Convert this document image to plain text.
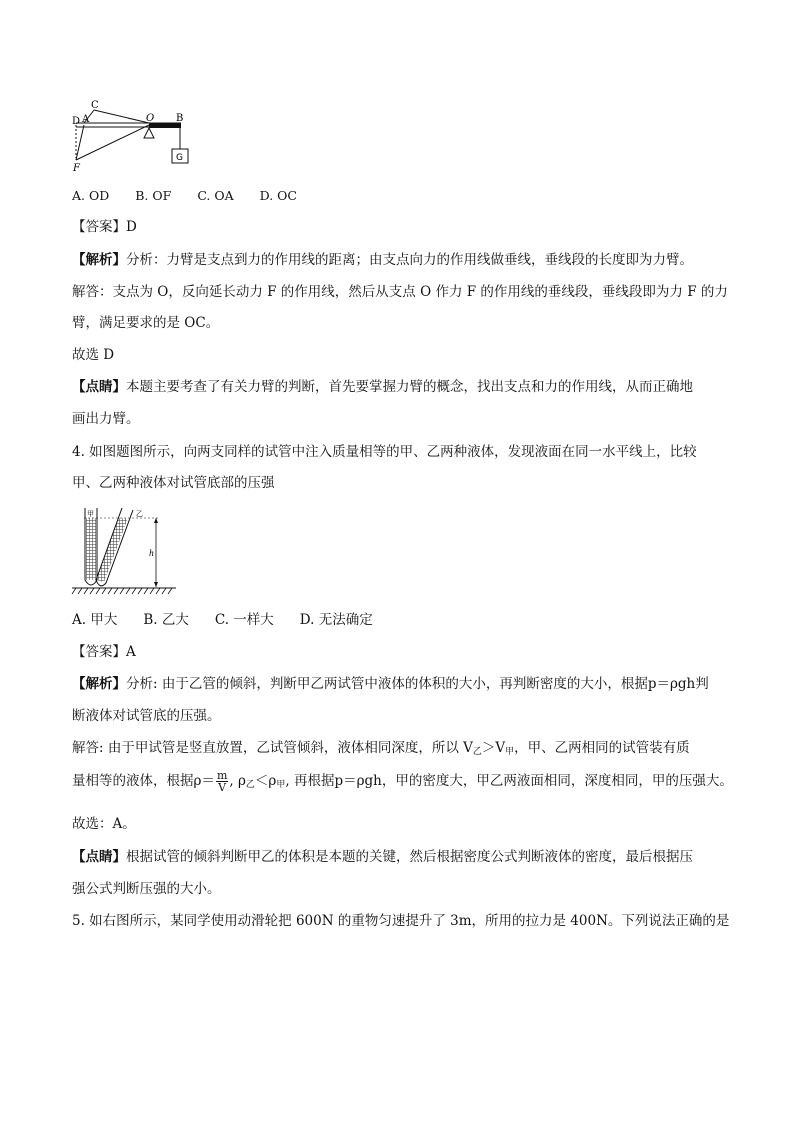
C
D A	O B
G
F
A. OD B. OF C. OA D. OC
【答案】D
【解析】分析：力臂是支点到力的作用线的距离；由支点向力的作用线做垂线，垂线段的长度即为力臂。
解答：支点为 O，反向延长动力 F 的作用线，然后从支点 O 作力 F 的作用线的垂线段，垂线段即为力 F 的力
臂，满足要求的是 OC。
故选 D
【点睛】本题主要考查了有关力臂的判断，首先要掌握力臂的概念，找出支点和力的作用线，从而正确地
画出力臂。
4. 如图题图所示，向两支同样的试管中注入质量相等的甲、乙两种液体，发现液面在同一水平线上，比较
甲、乙两种液体对试管底部的压强
甲	乙
h
A. 甲大 B. 乙大 C. 一样大 D. 无法确定
【答案】A
【解析】分析: 由于乙管的倾斜，判断甲乙两试管中液体的体积的大小，再判断密度的大小，根据p＝ρgh判
断液体对试管底的压强。
解答: 由于甲试管是竖直放置，乙试管倾斜，液体相同深度，所以 $V_乙>V_甲$，甲、乙两相同的试管装有质
量相等的液体，根据$\rho= \frac{m}{V}$ , $\rho_乙<\rho_甲$, 再根据p＝ρgh，甲的密度大，甲乙两液面相同，深度相同，甲的压强大。
故选：A。
【点睛】根据试管的倾斜判断甲乙的体积是本题的关键，然后根据密度公式判断液体的密度，最后根据压
强公式判断压强的大小。
5. 如右图所示，某同学使用动滑轮把 600N 的重物匀速提升了 3m，所用的拉力是 400N。下列说法正确的是
